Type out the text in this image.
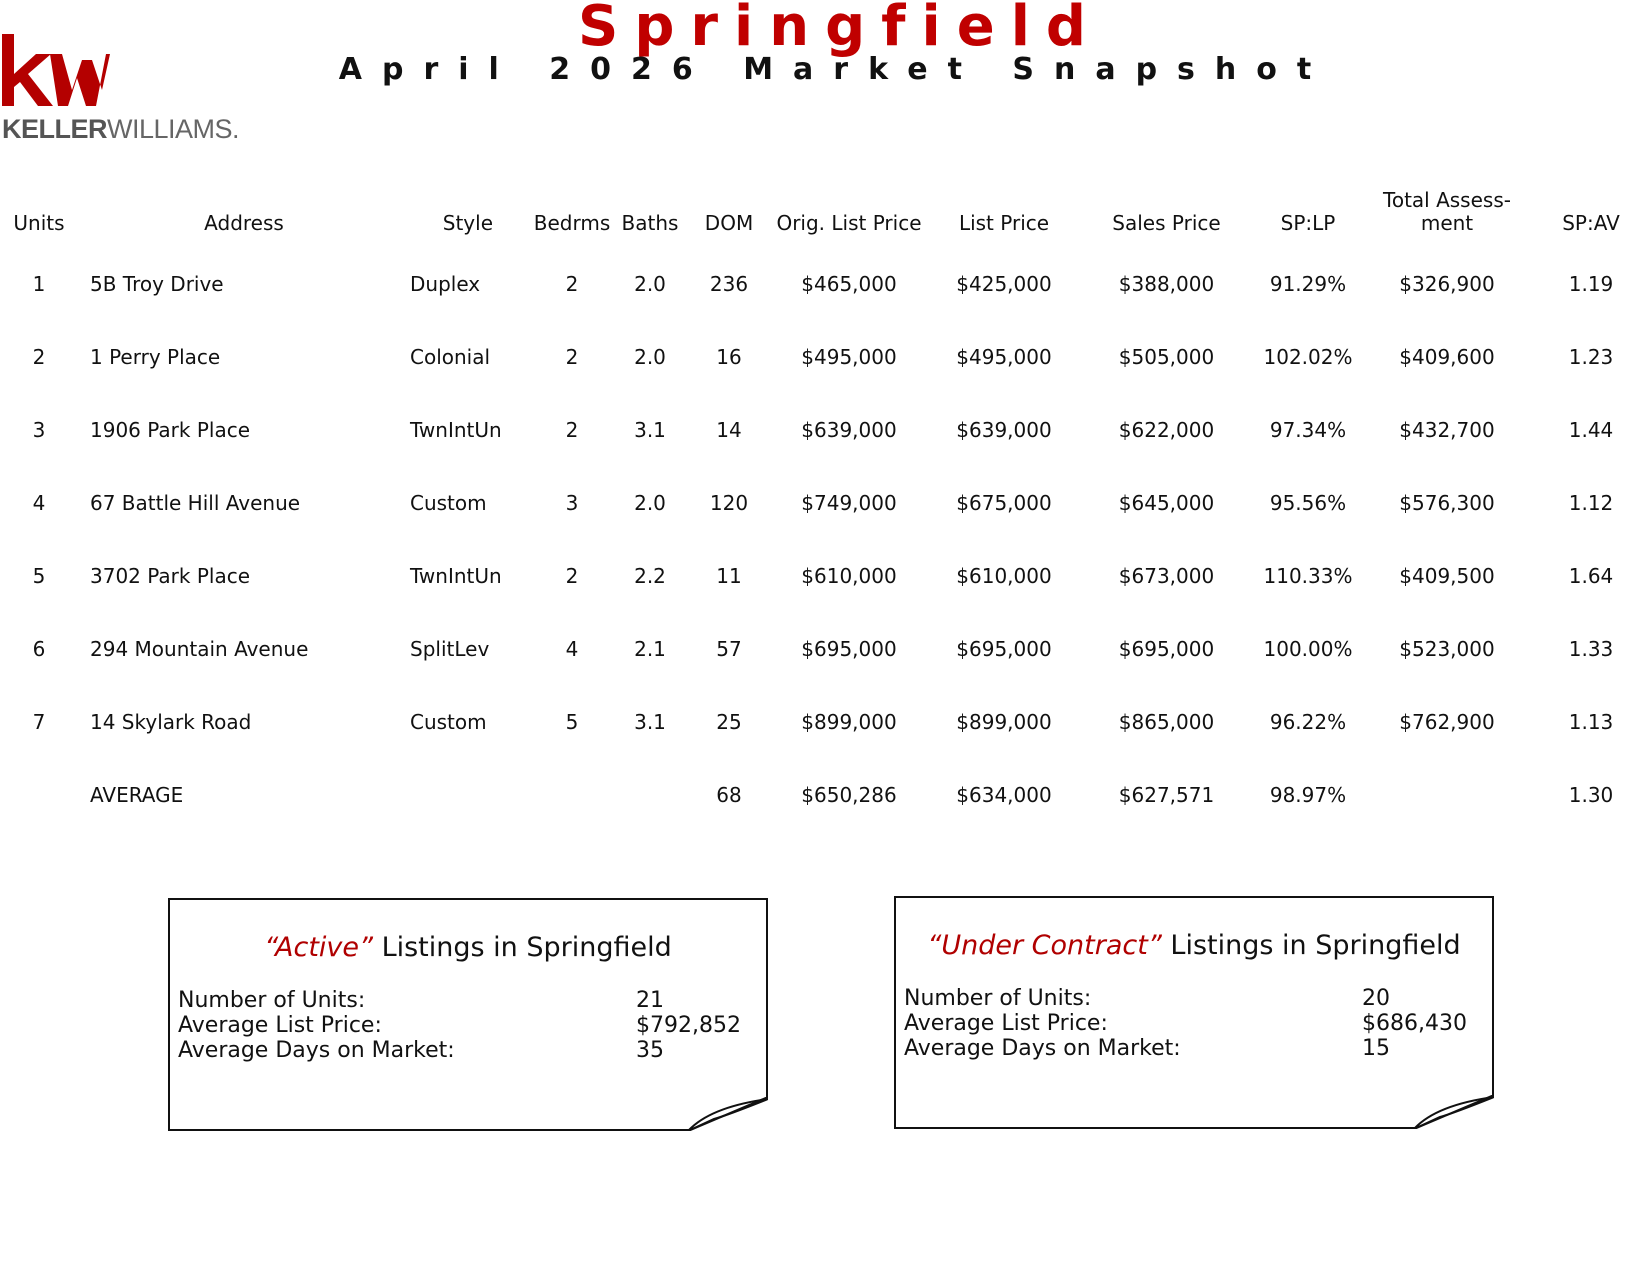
KELLERWILLIAMS.
Springfield
April 2026 Market Snapshot
Units	Address	Style	Bedrms	Baths	DOM	Orig. List Price	List Price	Sales Price	SP:LP	Total Assess-ment	SP:AV
1	5B Troy Drive	Duplex	2	2.0	236	$465,000	$425,000	$388,000	91.29%	$326,900	1.19
2	1 Perry Place	Colonial	2	2.0	16	$495,000	$495,000	$505,000	102.02%	$409,600	1.23
3	1906 Park Place	TwnIntUn	2	3.1	14	$639,000	$639,000	$622,000	97.34%	$432,700	1.44
4	67 Battle Hill Avenue	Custom	3	2.0	120	$749,000	$675,000	$645,000	95.56%	$576,300	1.12
5	3702 Park Place	TwnIntUn	2	2.2	11	$610,000	$610,000	$673,000	110.33%	$409,500	1.64
6	294 Mountain Avenue	SplitLev	4	2.1	57	$695,000	$695,000	$695,000	100.00%	$523,000	1.33
7	14 Skylark Road	Custom	5	3.1	25	$899,000	$899,000	$865,000	96.22%	$762,900	1.13
	AVERAGE				68	$650,286	$634,000	$627,571	98.97%		1.30
“Active” Listings in Springfield
Number of Units:	21
Average List Price:	$792,852
Average Days on Market:	35
“Under Contract” Listings in Springfield
Number of Units:	20
Average List Price:	$686,430
Average Days on Market:	15
